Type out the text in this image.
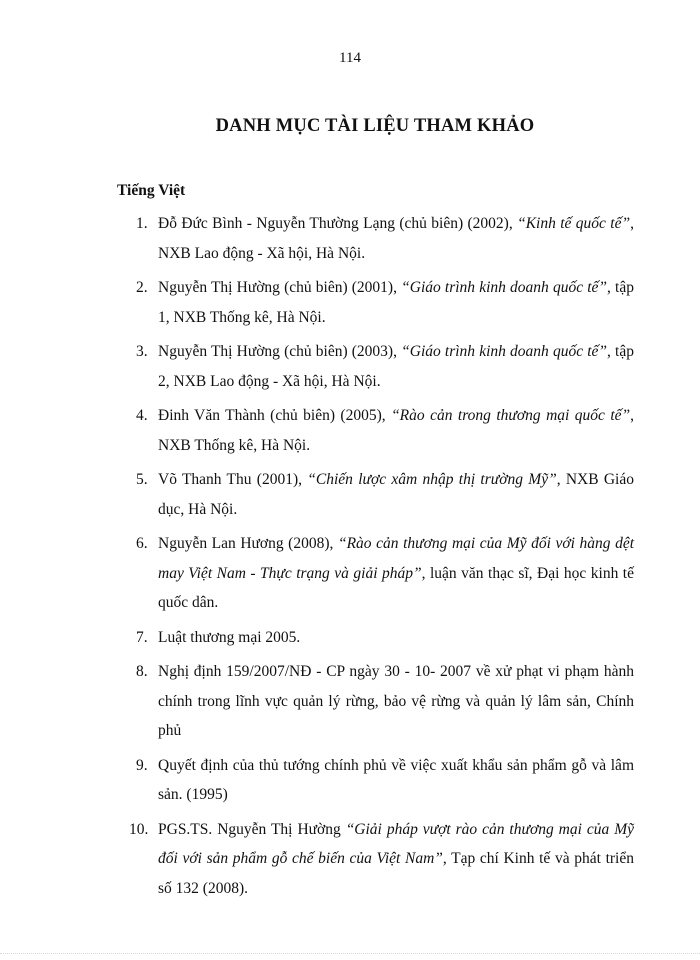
114
DANH MỤC TÀI LIỆU THAM KHẢO
Tiếng Việt
1. Đỗ Đức Bình - Nguyễn Thường Lạng (chủ biên) (2002), “Kinh tế quốc tế”, NXB Lao động - Xã hội, Hà Nội.
2. Nguyễn Thị Hường (chủ biên) (2001), “Giáo trình kinh doanh quốc tế”, tập 1, NXB Thống kê, Hà Nội.
3. Nguyễn Thị Hường (chủ biên) (2003), “Giáo trình kinh doanh quốc tế”, tập 2, NXB Lao động - Xã hội, Hà Nội.
4. Đinh Văn Thành (chủ biên) (2005), “Rào cản trong thương mại quốc tế”, NXB Thống kê, Hà Nội.
5. Võ Thanh Thu (2001), “Chiến lược xâm nhập thị trường Mỹ”, NXB Giáo dục, Hà Nội.
6. Nguyễn Lan Hương (2008), “Rào cản thương mại của Mỹ đối với hàng dệt may Việt Nam - Thực trạng và giải pháp”, luận văn thạc sĩ, Đại học kinh tế quốc dân.
7. Luật thương mại 2005.
8. Nghị định 159/2007/NĐ - CP ngày 30 - 10- 2007 về xử phạt vi phạm hành chính trong lĩnh vực quản lý rừng, bảo vệ rừng và quản lý lâm sản, Chính phủ
9. Quyết định của thủ tướng chính phủ về việc xuất khẩu sản phẩm gỗ và lâm sản. (1995)
10. PGS.TS. Nguyễn Thị Hường “Giải pháp vượt rào cản thương mại của Mỹ đối với sản phẩm gỗ chế biến của Việt Nam”, Tạp chí Kinh tế và phát triển số 132 (2008).
